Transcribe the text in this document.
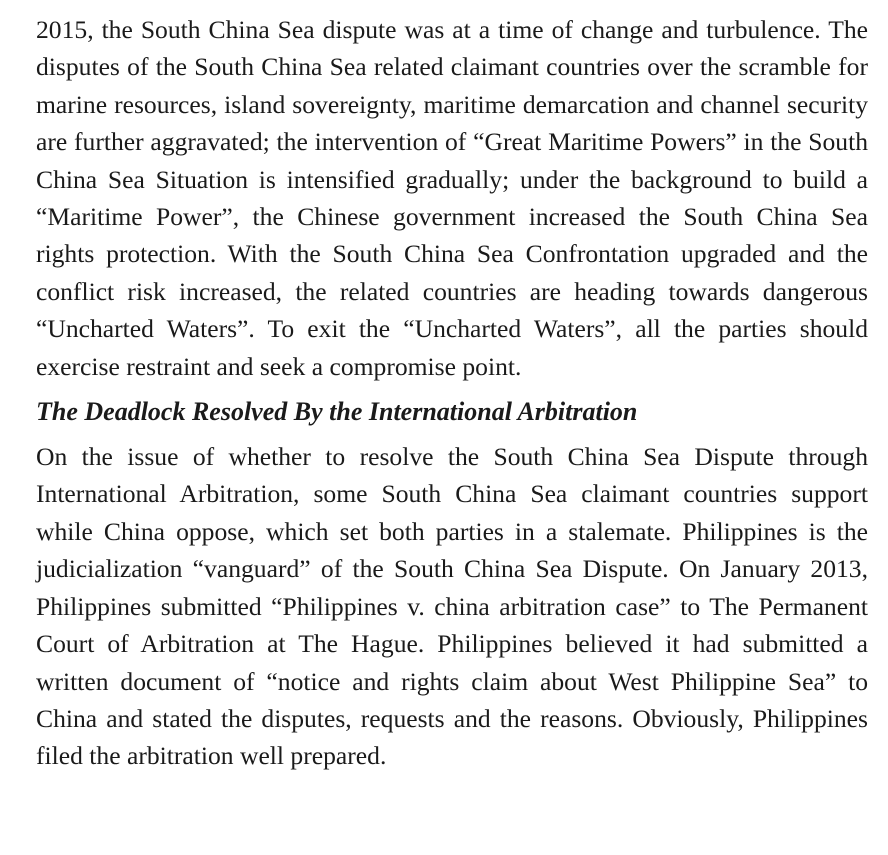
2015, the South China Sea dispute was at a time of change and turbulence. The disputes of the South China Sea related claimant countries over the scramble for marine resources, island sovereignty, maritime demarcation and channel security are further aggravated; the intervention of “Great Maritime Powers” in the South China Sea Situation is intensified gradually; under the background to build a “Maritime Power”, the Chinese government increased the South China Sea rights protection. With the South China Sea Confrontation upgraded and the conflict risk increased, the related countries are heading towards dangerous “Uncharted Waters”. To exit the “Uncharted Waters”, all the parties should exercise restraint and seek a compromise point.

The Deadlock Resolved By the International Arbitration

On the issue of whether to resolve the South China Sea Dispute through International Arbitration, some South China Sea claimant countries support while China oppose, which set both parties in a stalemate. Philippines is the judicialization “vanguard” of the South China Sea Dispute. On January 2013, Philippines submitted “Philippines v. china arbitration case” to The Permanent Court of Arbitration at The Hague. Philippines believed it had submitted a written document of “notice and rights claim about West Philippine Sea” to China and stated the disputes, requests and the reasons. Obviously, Philippines filed the arbitration well prepared.
